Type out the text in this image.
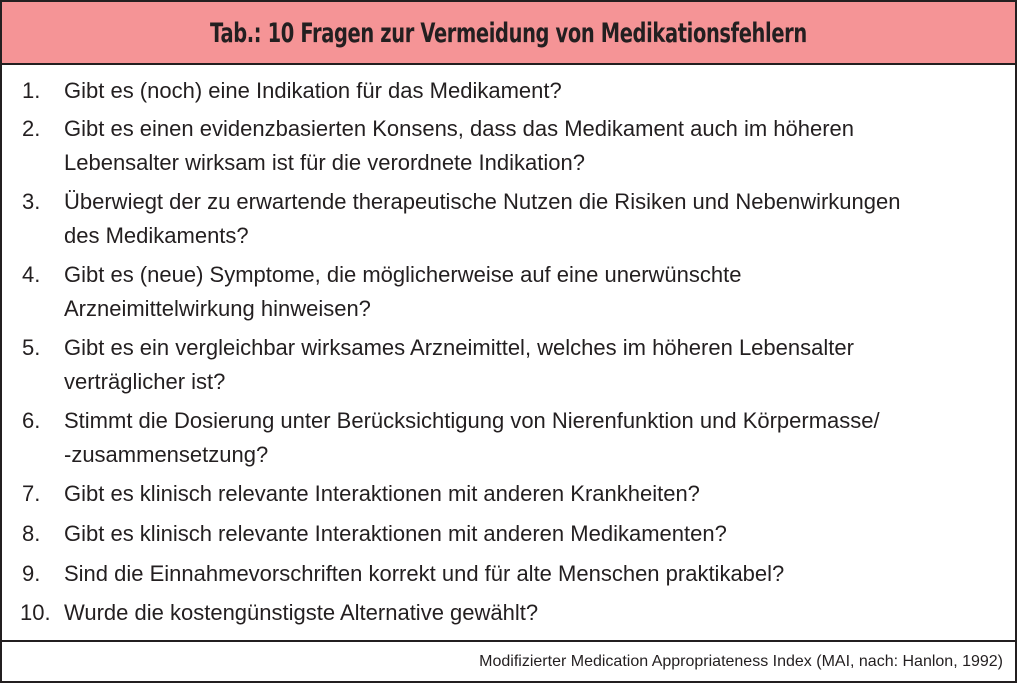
Tab.: 10 Fragen zur Vermeidung von Medikationsfehlern
1. Gibt es (noch) eine Indikation für das Medikament?
2. Gibt es einen evidenzbasierten Konsens, dass das Medikament auch im höheren
Lebensalter wirksam ist für die verordnete Indikation?
3. Überwiegt der zu erwartende therapeutische Nutzen die Risiken und Nebenwirkungen
des Medikaments?
4. Gibt es (neue) Symptome, die möglicherweise auf eine unerwünschte
Arzneimittelwirkung hinweisen?
5. Gibt es ein vergleichbar wirksames Arzneimittel, welches im höheren Lebensalter
verträglicher ist?
6. Stimmt die Dosierung unter Berücksichtigung von Nierenfunktion und Körpermasse/
-zusammensetzung?
7. Gibt es klinisch relevante Interaktionen mit anderen Krankheiten?
8. Gibt es klinisch relevante Interaktionen mit anderen Medikamenten?
9. Sind die Einnahmevorschriften korrekt und für alte Menschen praktikabel?
10. Wurde die kostengünstigste Alternative gewählt?
Modifizierter Medication Appropriateness Index (MAI, nach: Hanlon, 1992)
